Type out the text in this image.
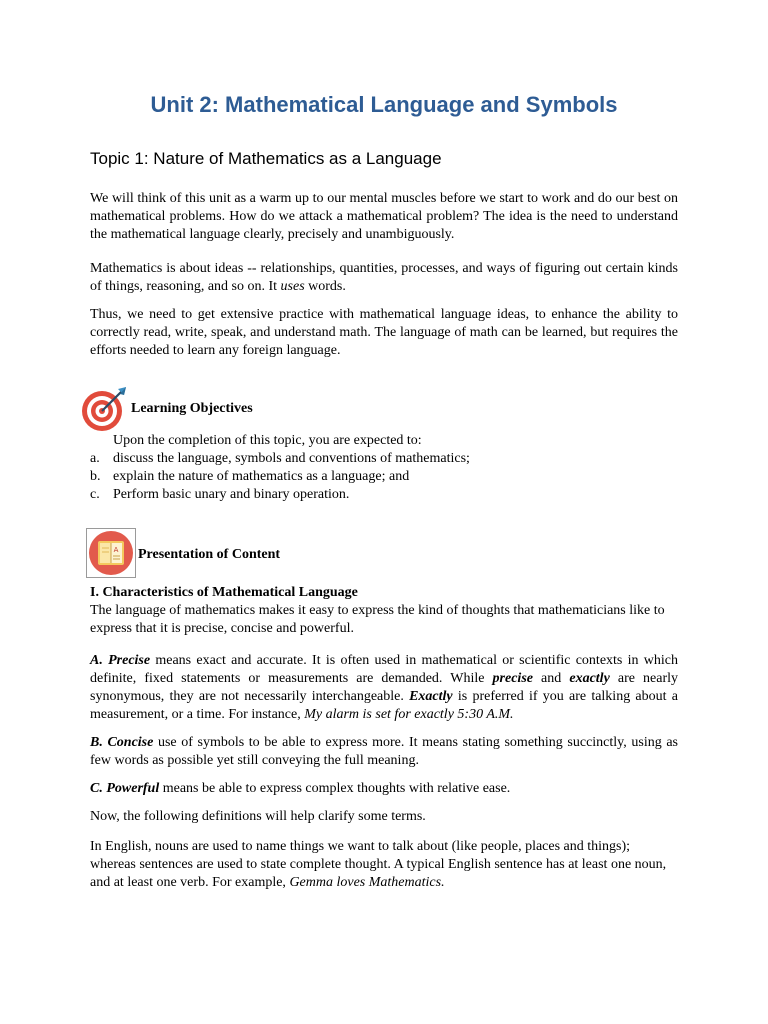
Unit 2: Mathematical Language and Symbols
Topic 1: Nature of Mathematics as a Language

We will think of this unit as a warm up to our mental muscles before we start to work and do our best on mathematical problems. How do we attack a mathematical problem? The idea is the need to understand the mathematical language clearly, precisely and unambiguously.

Mathematics is about ideas -- relationships, quantities, processes, and ways of figuring out certain kinds of things, reasoning, and so on. It uses words.

Thus, we need to get extensive practice with mathematical language ideas, to enhance the ability to correctly read, write, speak, and understand math. The language of math can be learned, but requires the efforts needed to learn any foreign language.

Learning Objectives

Upon the completion of this topic, you are expected to:

a. discuss the language, symbols and conventions of mathematics;
b. explain the nature of mathematics as a language; and
c. Perform basic unary and binary operation.
A Presentation of Content

I. Characteristics of Mathematical Language

The language of mathematics makes it easy to express the kind of thoughts that mathematicians like to express that it is precise, concise and powerful.

A. Precise means exact and accurate. It is often used in mathematical or scientific contexts in which definite, fixed statements or measurements are demanded. While precise and exactly are nearly synonymous, they are not necessarily interchangeable. Exactly is preferred if you are talking about a measurement, or a time. For instance, My alarm is set for exactly 5:30 A.M.

B. Concise use of symbols to be able to express more. It means stating something succinctly, using as few words as possible yet still conveying the full meaning.

C. Powerful means be able to express complex thoughts with relative ease.

Now, the following definitions will help clarify some terms.

In English, nouns are used to name things we want to talk about (like people, places and things); whereas sentences are used to state complete thought. A typical English sentence has at least one noun, and at least one verb. For example, Gemma loves Mathematics.
